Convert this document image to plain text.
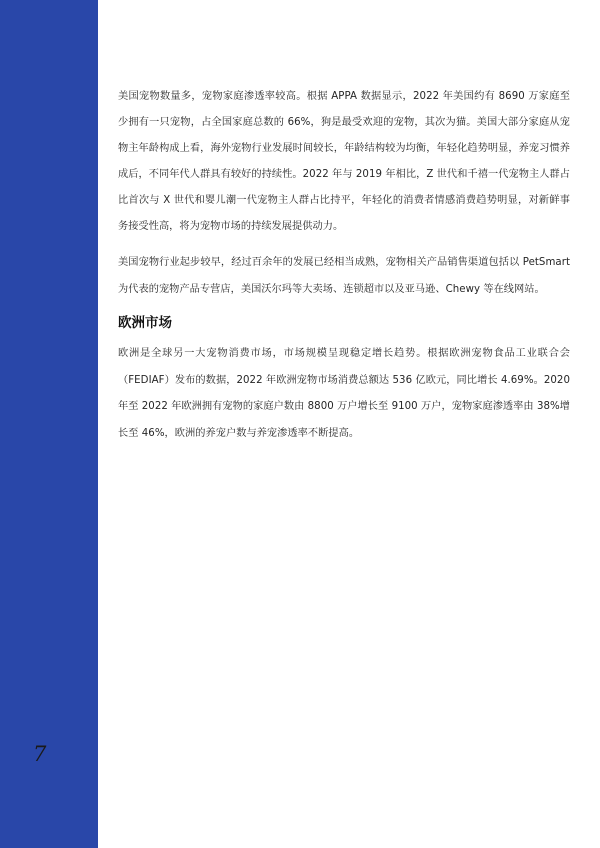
7

美国宠物数量多，宠物家庭渗透率较高。根据 APPA 数据显示，2022 年美国约有 8690 万家庭至少拥有一只宠物，占全国家庭总数的 66%，狗是最受欢迎的宠物，其次为猫。美国大部分家庭从宠物主年龄构成上看，海外宠物行业发展时间较长，年龄结构较为均衡，年轻化趋势明显，养宠习惯养成后，不同年代人群具有较好的持续性。2022 年与 2019 年相比，Z 世代和千禧一代宠物主人群占比首次与 X 世代和婴儿潮一代宠物主人群占比持平，年轻化的消费者情感消费趋势明显，对新鲜事务接受性高，将为宠物市场的持续发展提供动力。

美国宠物行业起步较早，经过百余年的发展已经相当成熟，宠物相关产品销售渠道包括以 PetSmart 为代表的宠物产品专营店，美国沃尔玛等大卖场、连锁超市以及亚马逊、Chewy 等在线网站。

欧洲市场

欧洲是全球另一大宠物消费市场，市场规模呈现稳定增长趋势。根据欧洲宠物食品工业联合会（FEDIAF）发布的数据，2022 年欧洲宠物市场消费总额达 536 亿欧元，同比增长 4.69%。2020 年至 2022 年欧洲拥有宠物的家庭户数由 8800 万户增长至 9100 万户，宠物家庭渗透率由 38%增长至 46%，欧洲的养宠户数与养宠渗透率不断提高。
